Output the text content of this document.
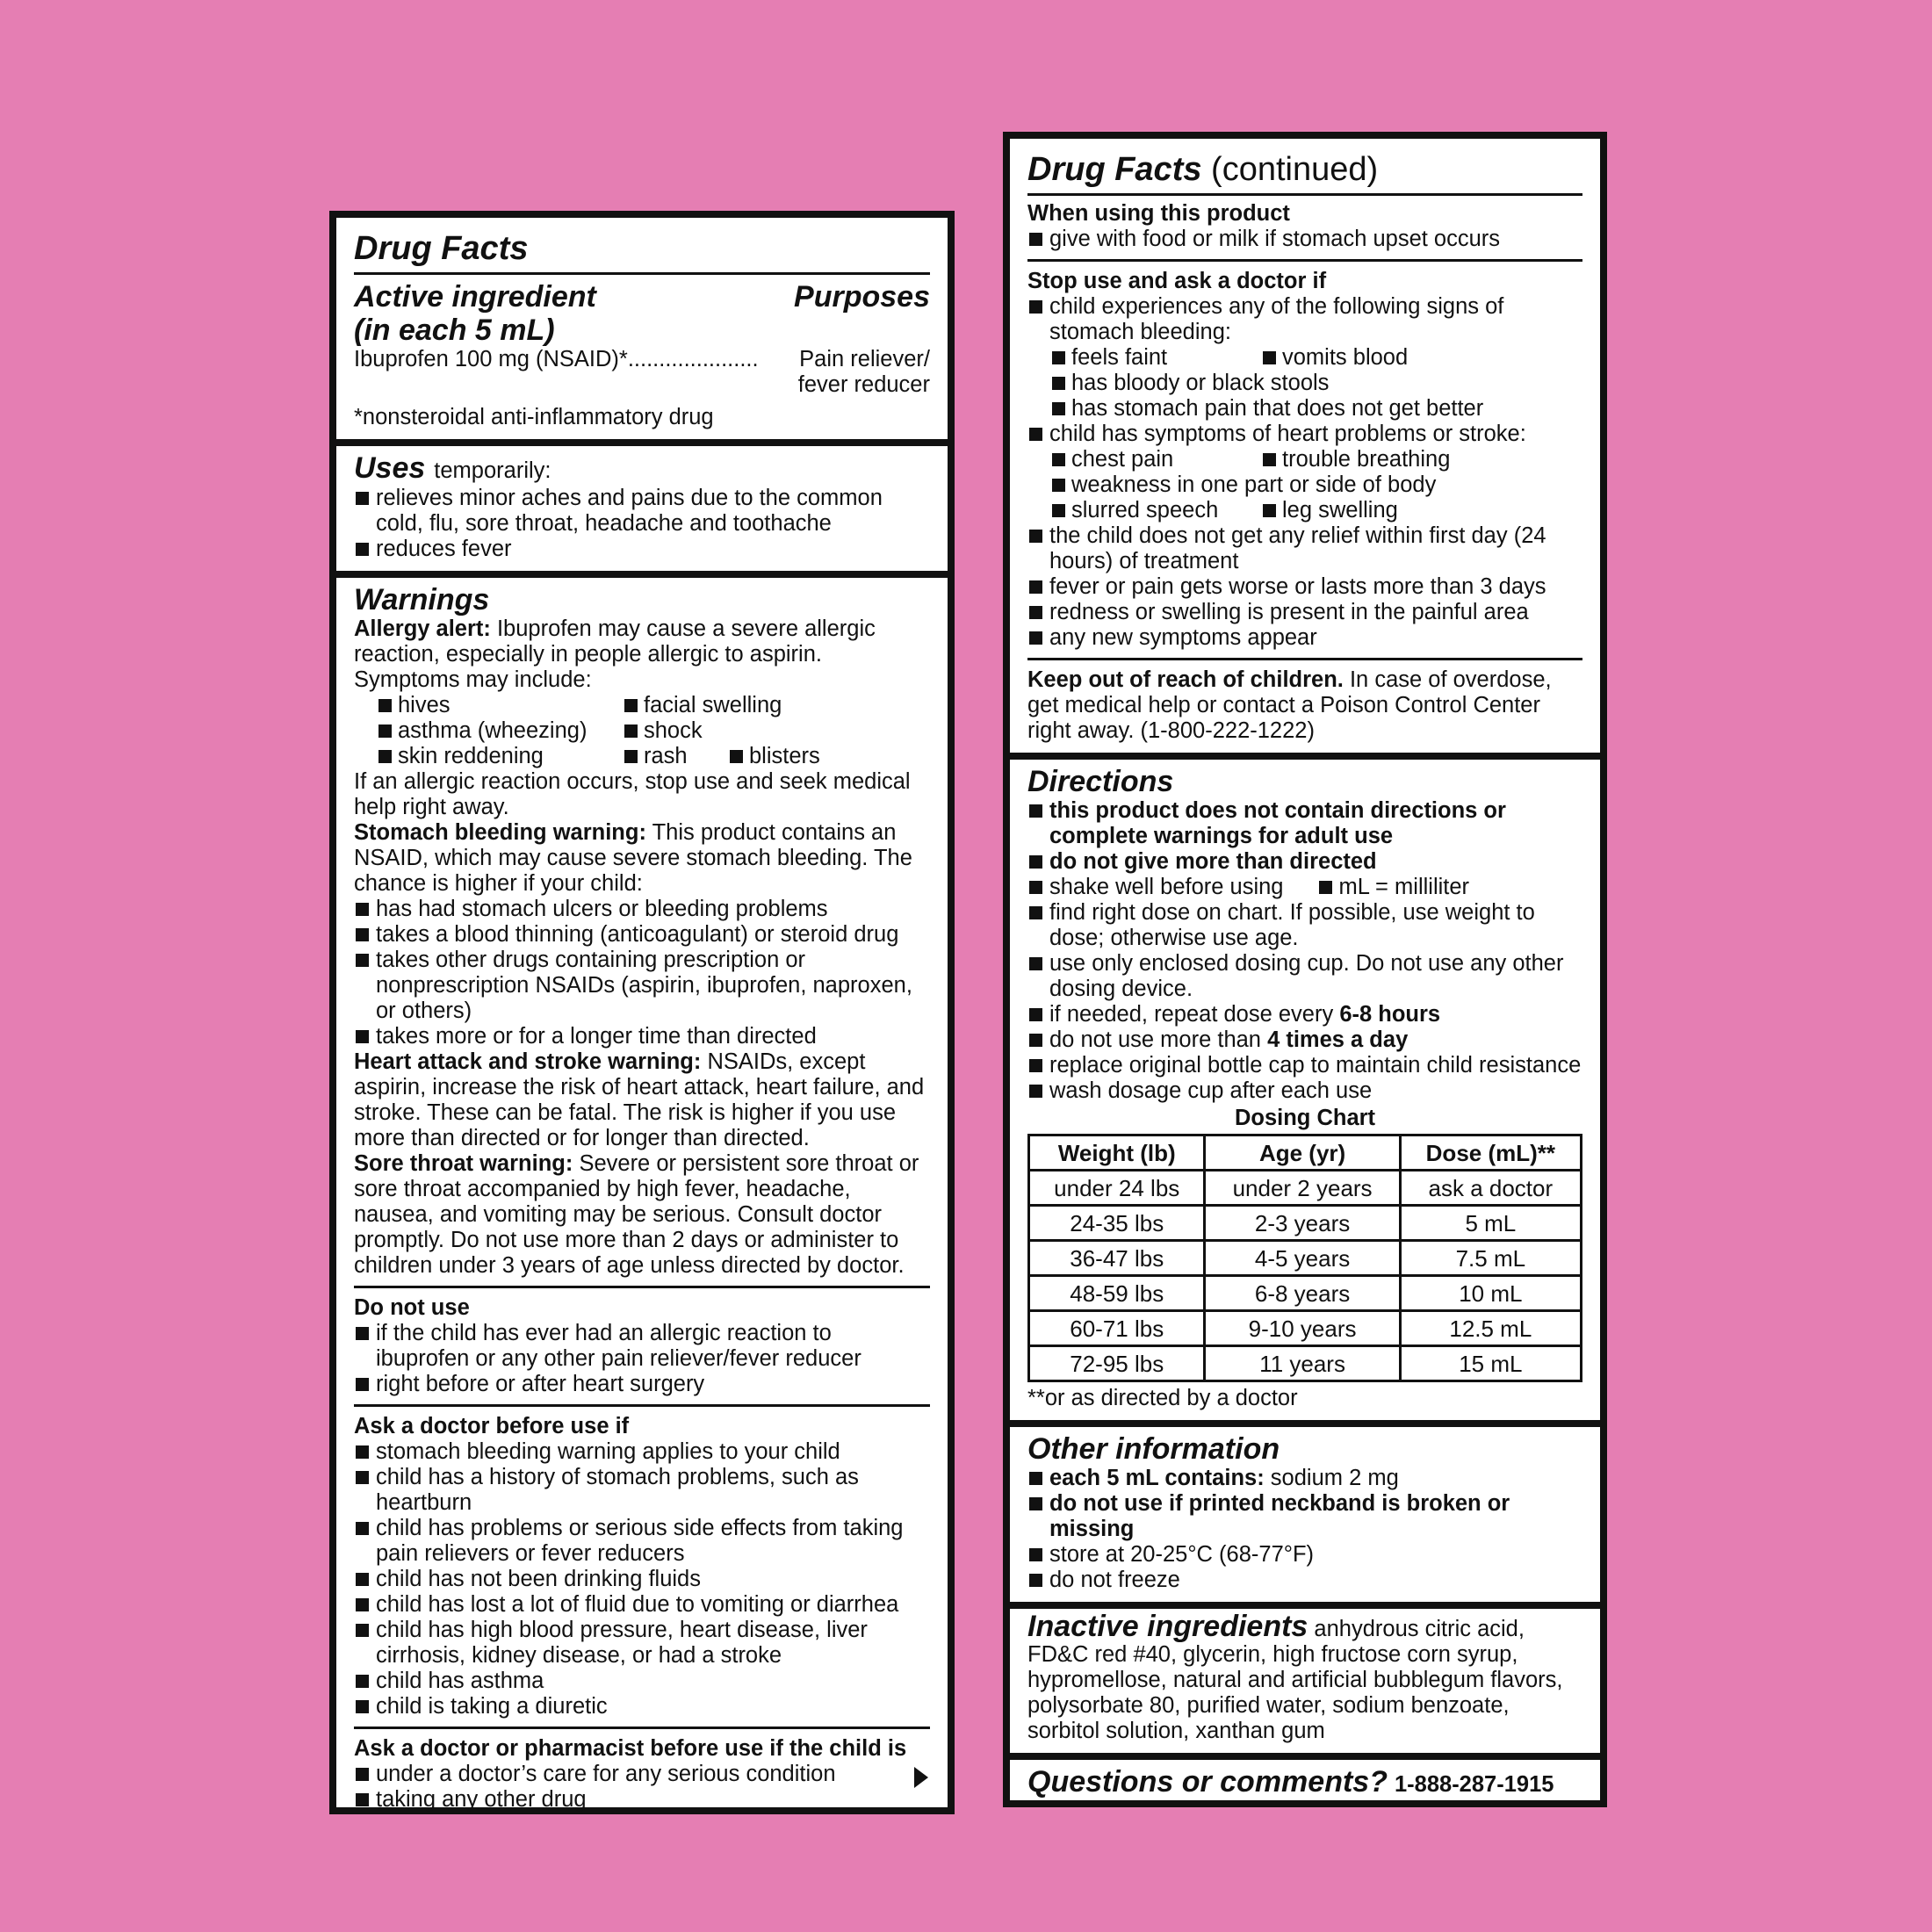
Drug Facts
Active ingredient
(in each 5 mL)
Purposes
Ibuprofen 100 mg (NSAID)*..................... Pain reliever/
fever reducer

*nonsteroidal anti-inflammatory drug

Uses temporarily:
relieves minor aches and pains due to the common cold, flu, sore throat, headache and toothache
reduces fever
Warnings

Allergy alert: Ibuprofen may cause a severe allergic reaction, especially in people allergic to aspirin. Symptoms may include:

hives	facial swelling
asthma (wheezing)	shock
skin reddening	rash	blisters

If an allergic reaction occurs, stop use and seek medical help right away.

Stomach bleeding warning: This product contains an NSAID, which may cause severe stomach bleeding. The chance is higher if your child:

has had stomach ulcers or bleeding problems
takes a blood thinning (anticoagulant) or steroid drug
takes other drugs containing prescription or nonprescription NSAIDs (aspirin, ibuprofen, naproxen, or others)
takes more or for a longer time than directed

Heart attack and stroke warning: NSAIDs, except aspirin, increase the risk of heart attack, heart failure, and stroke. These can be fatal. The risk is higher if you use more than directed or for longer than directed.

Sore throat warning: Severe or persistent sore throat or sore throat accompanied by high fever, headache, nausea, and vomiting may be serious. Consult doctor promptly. Do not use more than 2 days or administer to children under 3 years of age unless directed by doctor.

Do not use

if the child has ever had an allergic reaction to ibuprofen or any other pain reliever/fever reducer
right before or after heart surgery

Ask a doctor before use if

stomach bleeding warning applies to your child
child has a history of stomach problems, such as heartburn
child has problems or serious side effects from taking pain relievers or fever reducers
child has not been drinking fluids
child has lost a lot of fluid due to vomiting or diarrhea
child has high blood pressure, heart disease, liver cirrhosis, kidney disease, or had a stroke
child has asthma
child is taking a diuretic

Ask a doctor or pharmacist before use if the child is

under a doctor’s care for any serious condition
taking any other drug
Drug Facts (continued)

When using this product

give with food or milk if stomach upset occurs

Stop use and ask a doctor if

child experiences any of the following signs of stomach bleeding:
feels faint	vomits blood
has bloody or black stools
has stomach pain that does not get better
child has symptoms of heart problems or stroke:
chest pain	trouble breathing
weakness in one part or side of body
slurred speech	leg swelling
the child does not get any relief within first day (24 hours) of treatment
fever or pain gets worse or lasts more than 3 days
redness or swelling is present in the painful area
any new symptoms appear

Keep out of reach of children. In case of overdose, get medical help or contact a Poison Control Center right away. (1-800-222-1222)

Directions
this product does not contain directions or complete warnings for adult use
do not give more than directed
shake well before using	mL = milliliter
find right dose on chart. If possible, use weight to dose; otherwise use age.
use only enclosed dosing cup. Do not use any other dosing device.
if needed, repeat dose every 6-8 hours
do not use more than 4 times a day
replace original bottle cap to maintain child resistance
wash dosage cup after each use
Dosing Chart
Weight (lb)	Age (yr)	Dose (mL)**
under 24 lbs	under 2 years	ask a doctor
24-35 lbs	2-3 years	5 mL
36-47 lbs	4-5 years	7.5 mL
48-59 lbs	6-8 years	10 mL
60-71 lbs	9-10 years	12.5 mL
72-95 lbs	11 years	15 mL

**or as directed by a doctor

Other information
each 5 mL contains: sodium 2 mg
do not use if printed neckband is broken or missing
store at 20-25°C (68-77°F)
do not freeze

Inactive ingredients anhydrous citric acid, FD&C red #40, glycerin, high fructose corn syrup, hypromellose, natural and artificial bubblegum flavors, polysorbate 80, purified water, sodium benzoate, sorbitol solution, xanthan gum

Questions or comments? 1-888-287-1915
